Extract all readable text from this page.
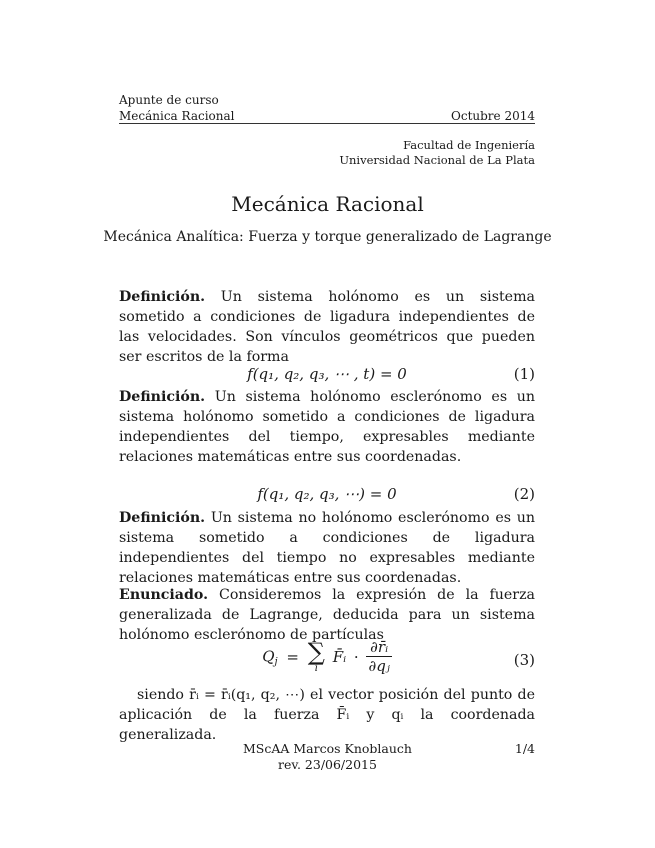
Apunte de curso
Mecánica Racional	Octubre 2014
Facultad de Ingeniería
Universidad Nacional de La Plata
Mecánica Racional
Mecánica Analítica: Fuerza y torque generalizado de Lagrange
Definición. Un sistema holónomo es un sistema sometido a condiciones de ligadura independientes de las velocidades. Son vínculos geométricos que pueden ser escritos de la forma
f(q₁, q₂, q₃, ⋯ , t) = 0	(1)
Definición. Un sistema holónomo esclerónomo es un sistema holónomo sometido a condiciones de ligadura independientes del tiempo, expresables mediante relaciones matemáticas entre sus coordenadas.
f(q₁, q₂, q₃, ⋯) = 0	(2)
Definición. Un sistema no holónomo esclerónomo es un sistema sometido a condiciones de ligadura independientes del tiempo no expresables mediante relaciones matemáticas entre sus coordenadas.
Enunciado. Consideremos la expresión de la fuerza generalizada de Lagrange, deducida para un sistema holónomo esclerónomo de partículas
$Q_j$ = ∑
i
F̄ᵢ · $\frac{\text{∂r̄ᵢ}}{\text{∂qⱼ}}$	(3)
siendo r̄ᵢ = r̄ᵢ(q₁, q₂, ⋯) el vector posición del punto de aplicación de la fuerza F̄ᵢ y qᵢ la coordenada generalizada.
MScAA Marcos Knoblauch
rev. 23/06/2015
1/4
